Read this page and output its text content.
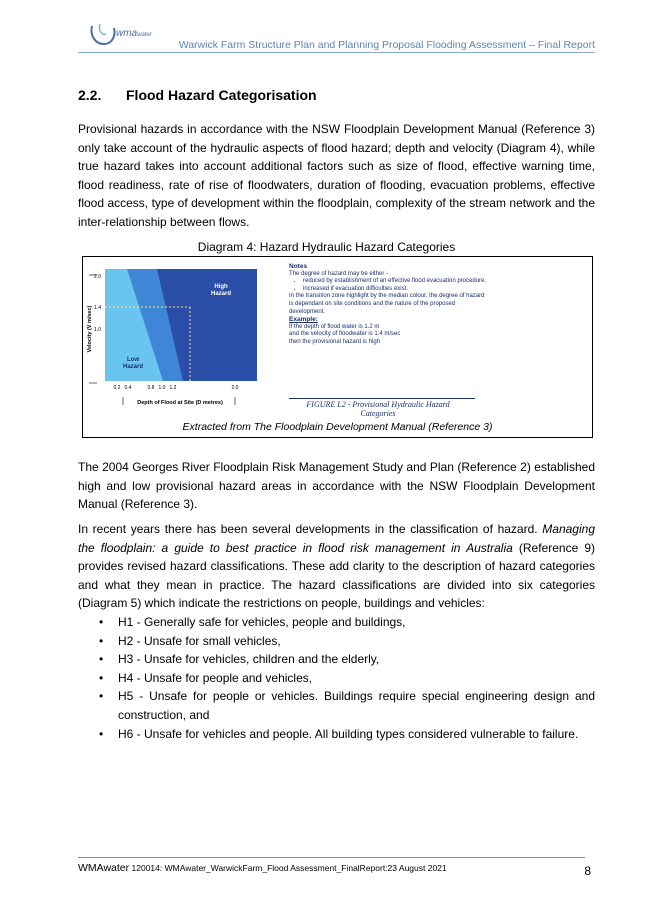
wmawater
Warwick Farm Structure Plan and Planning Proposal Flooding Assessment – Final Report
2.2. Flood Hazard Categorisation
Provisional hazards in accordance with the NSW Floodplain Development Manual (Reference 3) only take account of the hydraulic aspects of flood hazard; depth and velocity (Diagram 4), while true hazard takes into account additional factors such as size of flood, effective warning time, flood readiness, rate of rise of floodwaters, duration of flooding, evacuation problems, effective flood access, type of development within the floodplain, complexity of the stream network and the inter-relationship between flows.
Diagram 4: Hazard Hydraulic Hazard Categories
High
Hazard
Low
Hazard
2.0
1.4
1.0
0.2 0.4	0.8 1.0 1.2	2.0
Velocity (V m/sec)
Depth of Flood at Site (D metres)
Notes
The degree of hazard may be either -
• reduced by establishment of an effective flood evacuation procedure.
• increased if evacuation difficulties exist.
In the transition zone highlight by the median colour, the degree of hazard is dependant on site conditions and the nature of the proposed development.
Example:
If the depth of flood water is 1.2 m
and the velocity of floodwater is 1.4 m/sec
then the provisional hazard is high
FIGURE L2 - Provisional Hydraulic Hazard
Categories
Extracted from The Floodplain Development Manual (Reference 3)
The 2004 Georges River Floodplain Risk Management Study and Plan (Reference 2) established high and low provisional hazard areas in accordance with the NSW Floodplain Development Manual (Reference 3).
In recent years there has been several developments in the classification of hazard. Managing the floodplain: a guide to best practice in flood risk management in Australia (Reference 9) provides revised hazard classifications. These add clarity to the description of hazard categories and what they mean in practice. The hazard classifications are divided into six categories (Diagram 5) which indicate the restrictions on people, buildings and vehicles:
• H1 - Generally safe for vehicles, people and buildings,
• H2 - Unsafe for small vehicles,
• H3 - Unsafe for vehicles, children and the elderly,
• H4 - Unsafe for people and vehicles,
• H5 - Unsafe for people or vehicles. Buildings require special engineering design and construction, and
• H6 - Unsafe for vehicles and people. All building types considered vulnerable to failure.
WMAwater 120014: WMAwater_WarwickFarm_Flood Assessment_FinalReport:23 August 2021	8
